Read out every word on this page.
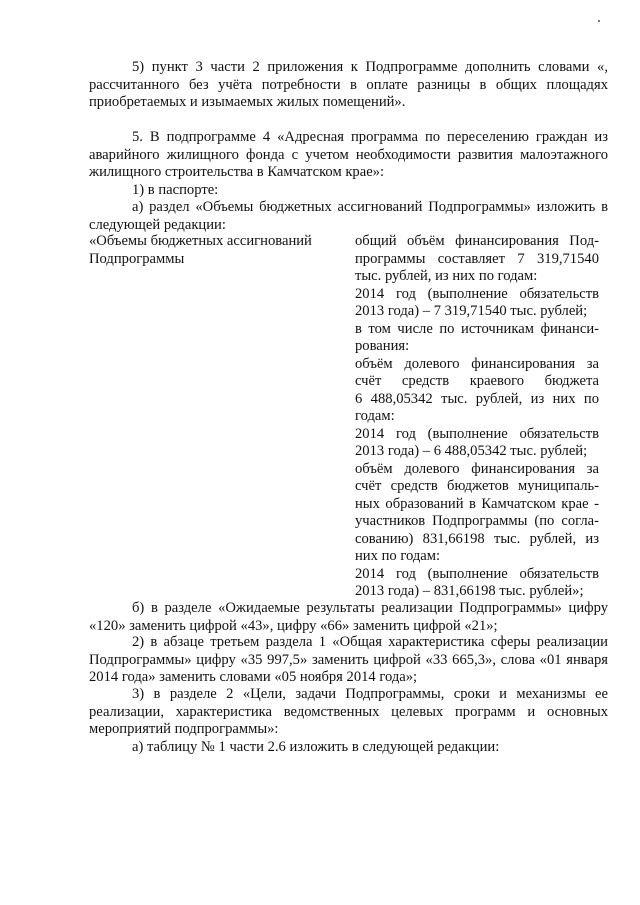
5) пункт 3 части 2 приложения к Подпрограмме дополнить словами «, рассчитанного без учёта потребности в оплате разницы в общих площадях приобретаемых и изымаемых жилых помещений».
5. В подпрограмме 4 «Адресная программа по переселению граждан из аварийного жилищного фонда с учетом необходимости развития малоэтажного жилищного строительства в Камчатском крае»:
1) в паспорте:
а) раздел «Объемы бюджетных ассигнований Подпрограммы» изложить в следующей редакции:
«Объемы бюджетных ассигнований Подпрограммы
общий объём финансирования Под-
программы составляет 7 319,71540
тыс. рублей, из них по годам:
2014 год (выполнение обязательств
2013 года) – 7 319,71540 тыс. рублей;
в том числе по источникам финанси-
рования:
объём долевого финансирования за
счёт средств краевого бюджета
6 488,05342 тыс. рублей, из них по
годам:
2014 год (выполнение обязательств
2013 года) – 6 488,05342 тыс. рублей;
объём долевого финансирования за
счёт средств бюджетов муниципаль-
ных образований в Камчатском крае -
участников Подпрограммы (по согла-
сованию) 831,66198 тыс. рублей, из
них по годам:
2014 год (выполнение обязательств
2013 года) – 831,66198 тыс. рублей»;
б) в разделе «Ожидаемые результаты реализации Подпрограммы» цифру «120» заменить цифрой «43», цифру «66» заменить цифрой «21»;
2) в абзаце третьем раздела 1 «Общая характеристика сферы реализации Подпрограммы» цифру «35 997,5» заменить цифрой «33 665,3», слова «01 января 2014 года» заменить словами «05 ноября 2014 года»;
3) в разделе 2 «Цели, задачи Подпрограммы, сроки и механизмы ее реализации, характеристика ведомственных целевых программ и основных мероприятий подпрограммы»:
а) таблицу № 1 части 2.6 изложить в следующей редакции:
